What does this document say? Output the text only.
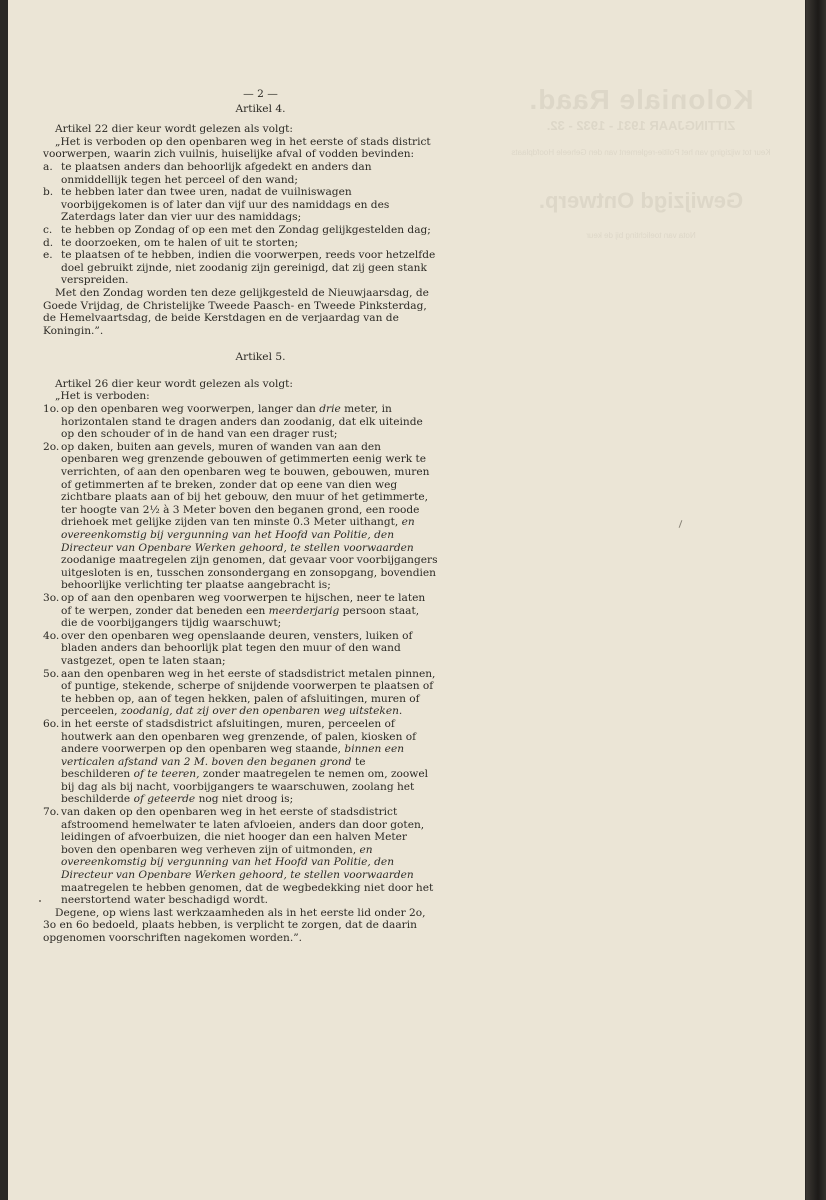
Koloniale Raad.
ZITTINGJAAR 1931 - 1932 - 32.
Keur tot wijziging van het Politie-reglement van den Geheele Hoofdplaats
Gewijzigd Ontwerp.
Nota van toelichting bij de keur
— 2 —
Artikel 4.
Artikel 22 dier keur wordt gelezen als volgt:
„Het is verboden op den openbaren weg in het eerste of stads district voorwerpen, waarin zich vuilnis, huiselijke afval of vodden bevinden:
a. te plaatsen anders dan behoorlijk afgedekt en anders dan onmiddellijk tegen het perceel of den wand;
b. te hebben later dan twee uren, nadat de vuilniswagen voorbijgekomen is of later dan vijf uur des namiddags en des Zaterdags later dan vier uur des namiddags;
c. te hebben op Zondag of op een met den Zondag gelijkgestelden dag;
d. te doorzoeken, om te halen of uit te storten;
e. te plaatsen of te hebben, indien die voorwerpen, reeds voor hetzelfde doel gebruikt zijnde, niet zoodanig zijn gereinigd, dat zij geen stank verspreiden.
Met den Zondag worden ten deze gelijkgesteld de Nieuwjaarsdag, de Goede Vrijdag, de Christelijke Tweede Paasch- en Tweede Pinksterdag, de Hemelvaartsdag, de beide Kerstdagen en de verjaardag van de Koningin.”.
Artikel 5.
Artikel 26 dier keur wordt gelezen als volgt:
„Het is verboden:
1o. op den openbaren weg voorwerpen, langer dan drie meter, in horizontalen stand te dragen anders dan zoodanig, dat elk uiteinde op den schouder of in de hand van een drager rust;
2o. op daken, buiten aan gevels, muren of wanden van aan den openbaren weg grenzende gebouwen of getimmerten eenig werk te verrichten, of aan den openbaren weg te bouwen, gebouwen, muren of getimmerten af te breken, zonder dat op eene van dien weg zichtbare plaats aan of bij het gebouw, den muur of het getimmerte, ter hoogte van 2½ à 3 Meter boven den beganen grond, een roode driehoek met gelijke zijden van ten minste 0.3 Meter uithangt, en overeenkomstig bij vergunning van het Hoofd van Politie, den Directeur van Openbare Werken gehoord, te stellen voorwaarden zoodanige maatregelen zijn genomen, dat gevaar voor voorbijgangers uitgesloten is en, tusschen zonsondergang en zonsopgang, bovendien behoorlijke verlichting ter plaatse aangebracht is;
3o. op of aan den openbaren weg voorwerpen te hijschen, neer te laten of te werpen, zonder dat beneden een meerderjarig persoon staat, die de voorbijgangers tijdig waarschuwt;
4o. over den openbaren weg openslaande deuren, vensters, luiken of bladen anders dan behoorlijk plat tegen den muur of den wand vastgezet, open te laten staan;
5o. aan den openbaren weg in het eerste of stadsdistrict metalen pinnen, of puntige, stekende, scherpe of snijdende voorwerpen te plaatsen of te hebben op, aan of tegen hekken, palen of afsluitingen, muren of perceelen, zoodanig, dat zij over den openbaren weg uitsteken.
6o. in het eerste of stadsdistrict afsluitingen, muren, perceelen of houtwerk aan den openbaren weg grenzende, of palen, kiosken of andere voorwerpen op den openbaren weg staande, binnen een verticalen afstand van 2 M. boven den beganen grond te beschilderen of te teeren, zonder maatregelen te nemen om, zoowel bij dag als bij nacht, voorbijgangers te waarschuwen, zoolang het beschilderde of geteerde nog niet droog is;
7o. van daken op den openbaren weg in het eerste of stadsdistrict afstroomend hemelwater te laten afvloeien, anders dan door goten, leidingen of afvoerbuizen, die niet hooger dan een halven Meter boven den openbaren weg verheven zijn of uitmonden, en overeenkomstig bij vergunning van het Hoofd van Politie, den Directeur van Openbare Werken gehoord, te stellen voorwaarden maatregelen te hebben genomen, dat de wegbedekking niet door het neerstortend water beschadigd wordt.
Degene, op wiens last werkzaamheden als in het eerste lid onder 2o, 3o en 6o bedoeld, plaats hebben, is verplicht te zorgen, dat de daarin opgenomen voorschriften nagekomen worden.”.
